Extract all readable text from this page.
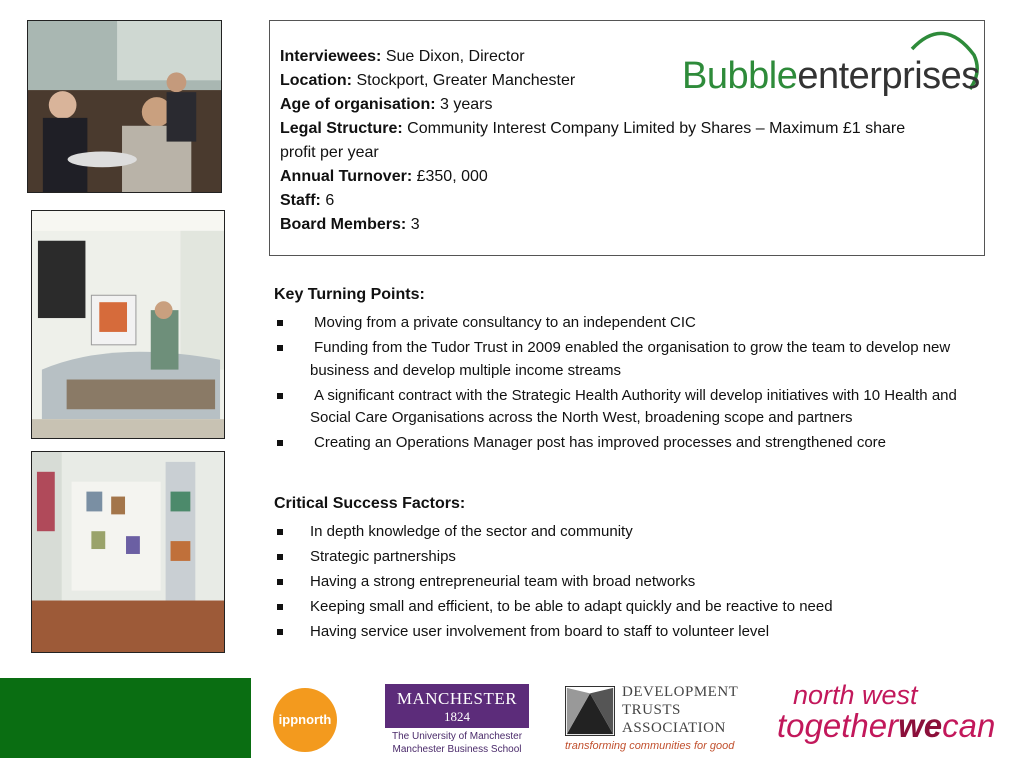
Bubbleenterprises
Interviewees: Sue Dixon, Director
Location: Stockport, Greater Manchester
Age of organisation: 3 years
Legal Structure: Community Interest Company Limited by Shares – Maximum £1 share profit per year
Annual Turnover: £350, 000
Staff: 6
Board Members: 3
Key Turning Points:
Moving from a private consultancy to an independent CIC
Funding from the Tudor Trust in 2009 enabled the organisation to grow the team to develop new business and develop multiple income streams
A significant contract with the Strategic Health Authority will develop initiatives with 10 Health and Social Care Organisations across the North West, broadening scope and partners
Creating an Operations Manager post has improved processes and strengthened core
Critical Success Factors:
In depth knowledge of the sector and community
Strategic partnerships
Having a strong entrepreneurial team with broad networks
Keeping small and efficient, to be able to adapt quickly and be reactive to need
Having service user involvement from board to staff to volunteer level
ippnorth
MANCHESTER
1824
The University of Manchester
Manchester Business School
DEVELOPMENT
TRUSTS
ASSOCIATION
transforming communities for good
north west
togetherwecan
